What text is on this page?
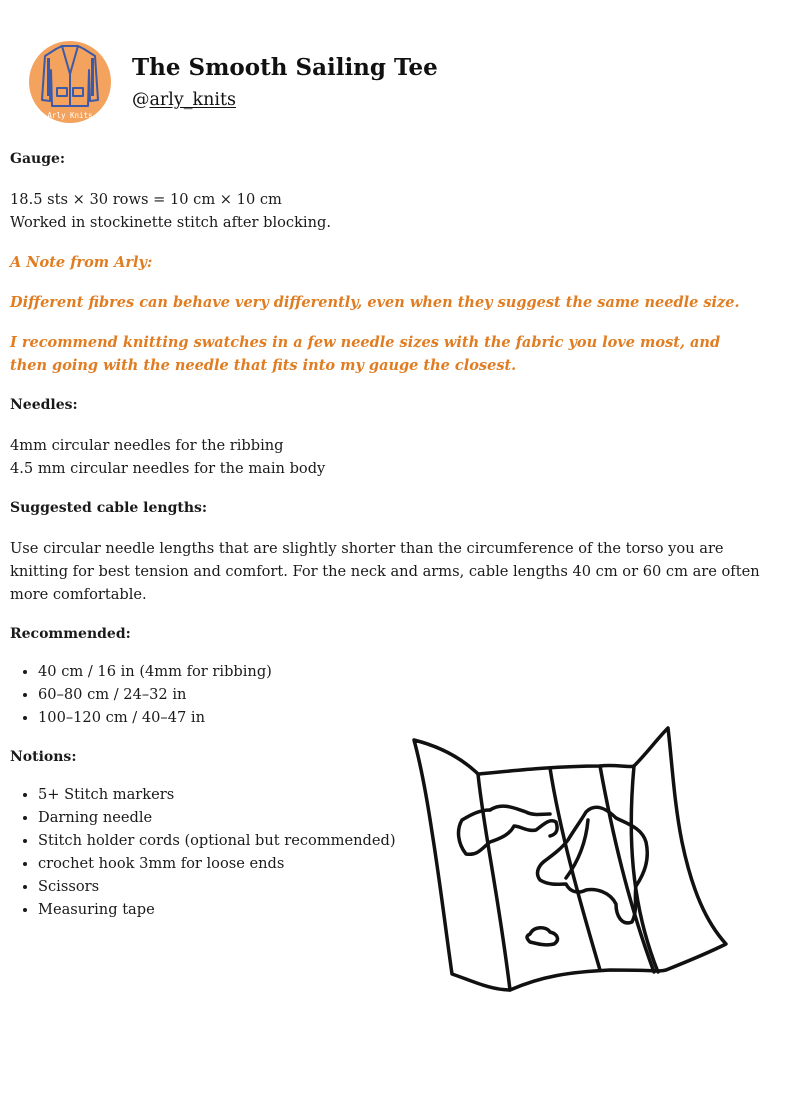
Arly Knits
The Smooth Sailing Tee
@arly_knits

Gauge:

18.5 sts × 30 rows = 10 cm × 10 cm

Worked in stockinette stitch after blocking.

A Note from Arly:

Different fibres can behave very differently, even when they suggest the same needle size.

I recommend knitting swatches in a few needle sizes with the fabric you love most, and then going with the needle that fits into my gauge the closest.

Needles:

4mm circular needles for the ribbing

4.5 mm circular needles for the main body

Suggested cable lengths:

Use circular needle lengths that are slightly shorter than the circumference of the torso you are knitting for best tension and comfort. For the neck and arms, cable lengths 40 cm or 60 cm are often more comfortable.

Recommended:

• 40 cm / 16 in (4mm for ribbing)
• 60–80 cm / 24–32 in
• 100–120 cm / 40–47 in

Notions:

• 5+ Stitch markers
• Darning needle
• Stitch holder cords (optional but recommended)
• crochet hook 3mm for loose ends
• Scissors
• Measuring tape
